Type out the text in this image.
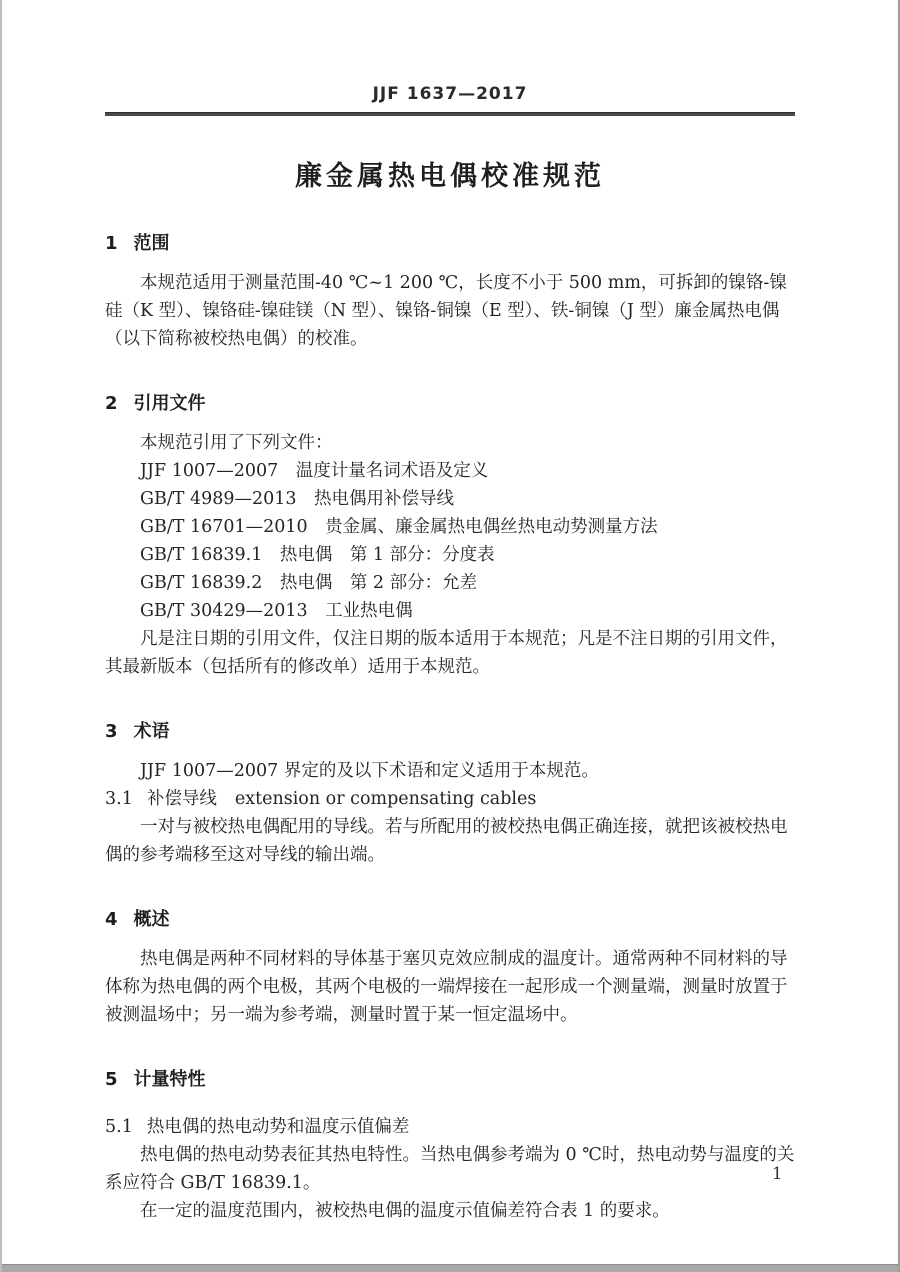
JJF 1637—2017
廉金属热电偶校准规范
1 范围

本规范适用于测量范围-40 ℃~1 200 ℃，长度不小于 500 mm，可拆卸的镍铬-镍硅（K 型）、镍铬硅-镍硅镁（N 型）、镍铬-铜镍（E 型）、铁-铜镍（J 型）廉金属热电偶（以下简称被校热电偶）的校准。

2 引用文件

本规范引用了下列文件：

JJF 1007—2007　温度计量名词术语及定义

GB/T 4989—2013　热电偶用补偿导线

GB/T 16701—2010　贵金属、廉金属热电偶丝热电动势测量方法

GB/T 16839.1　热电偶　第 1 部分：分度表

GB/T 16839.2　热电偶　第 2 部分：允差

GB/T 30429—2013　工业热电偶

凡是注日期的引用文件，仅注日期的版本适用于本规范；凡是不注日期的引用文件，其最新版本（包括所有的修改单）适用于本规范。

3 术语

JJF 1007—2007 界定的及以下术语和定义适用于本规范。

3.1 补偿导线 extension or compensating cables

一对与被校热电偶配用的导线。若与所配用的被校热电偶正确连接，就把该被校热电偶的参考端移至这对导线的输出端。

4 概述

热电偶是两种不同材料的导体基于塞贝克效应制成的温度计。通常两种不同材料的导体称为热电偶的两个电极，其两个电极的一端焊接在一起形成一个测量端，测量时放置于被测温场中；另一端为参考端，测量时置于某一恒定温场中。

5 计量特性
5.1 热电偶的热电动势和温度示值偏差

热电偶的热电动势表征其热电特性。当热电偶参考端为 0 ℃时，热电动势与温度的关系应符合 GB/T 16839.1。

在一定的温度范围内，被校热电偶的温度示值偏差符合表 1 的要求。

1
